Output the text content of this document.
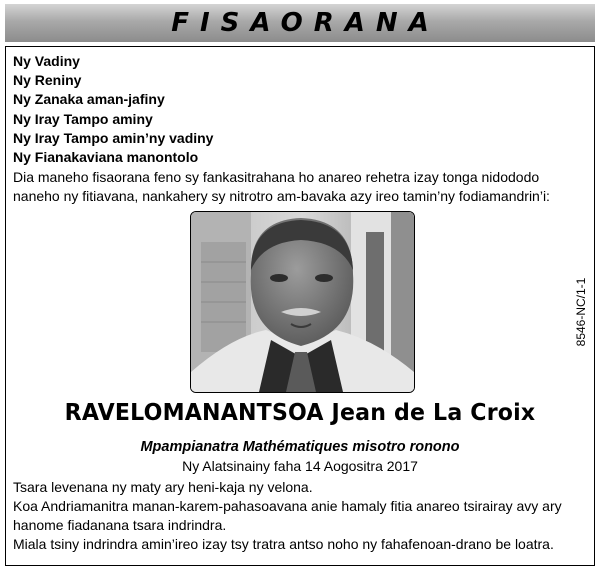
FISAORANA
Ny Vadiny
Ny Reniny
Ny Zanaka aman-jafiny
Ny Iray Tampo aminy
Ny Iray Tampo amin’ny vadiny
Ny Fianakaviana manontolo
Dia maneho fisaorana feno sy fankasitrahana ho anareo rehetra izay tonga nidododo naneho ny fitiavana, nankahery sy nitrotro am-bavaka azy ireo tamin’ny fodiamandrin’i:
8546-NC/1-1
RAVELOMANANTSOA Jean de La Croix
Mpampianatra Mathématiques misotro ronono
Ny Alatsinainy faha 14 Aogositra 2017

Tsara levenana ny maty ary heni-kaja ny velona.

Koa Andriamanitra manan-karem-pahasoavana anie hamaly fitia anareo tsirairay avy ary hanome fiadanana tsara indrindra.

Miala tsiny indrindra amin’ireo izay tsy tratra antso noho ny fahafenoan-drano be loatra.
